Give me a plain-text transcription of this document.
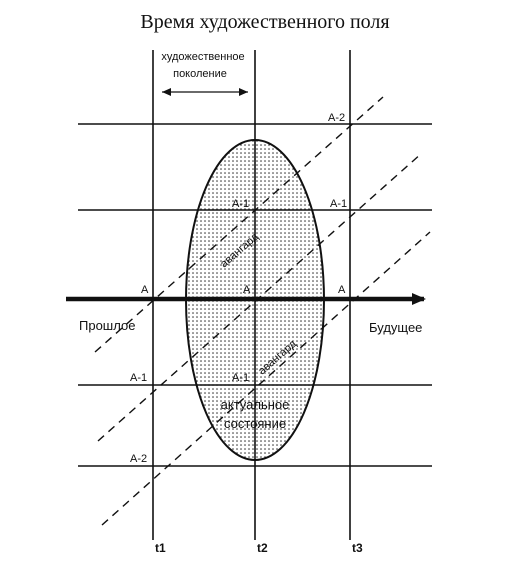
Время художественного поля
художественное
поколение
Прошлое	Будущее
A-2
A-1	A-1
A	A	A
A-1	A-1
A-2
авангард
авангард
актуальное
состояние
t1	t2	t3
